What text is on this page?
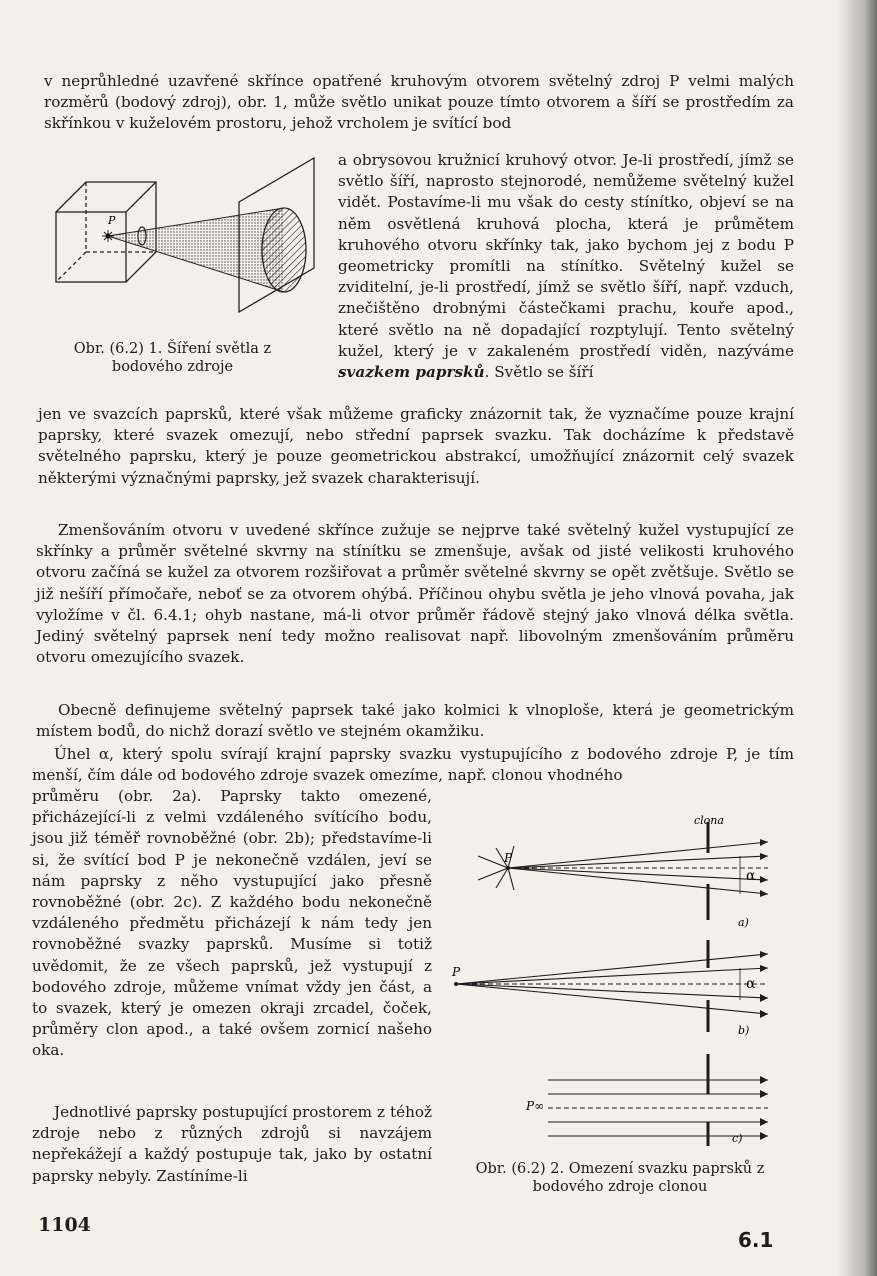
v neprůhledné uzavřené skřínce opatřené kruhovým otvorem světelný zdroj P velmi malých rozměrů (bodový zdroj), obr. 1, může světlo unikat pouze tímto otvorem a šíří se prostředím za skřínkou v kuželovém prostoru, jehož vrcholem je svítící bod

P
Obr. (6.2) 1. Šíření světla z bodového zdroje

a obrysovou kružnicí kruhový otvor. Je-li prostředí, jímž se světlo šíří, naprosto stejnorodé, nemůžeme světelný kužel vidět. Postavíme-li mu však do cesty stínítko, objeví se na něm osvětlená kruhová plocha, která je průmětem kruhového otvoru skřínky tak, jako bychom jej z bodu P geometricky promítli na stínítko. Světelný kužel se zviditelní, je-li prostředí, jímž se světlo šíří, např. vzduch, znečištěno drobnými částečkami prachu, kouře apod., které světlo na ně dopadající rozptylují. Tento světelný kužel, který je v zakaleném prostředí viděn, nazýváme svazkem paprsků. Světlo se šíří

jen ve svazcích paprsků, které však můžeme graficky znázornit tak, že vyznačíme pouze krajní paprsky, které svazek omezují, nebo střední paprsek svazku. Tak docházíme k představě světelného paprsku, který je pouze geometrickou abstrakcí, umožňující znázornit celý svazek některými význačnými paprsky, jež svazek charakterisují.

Zmenšováním otvoru v uvedené skřínce zužuje se nejprve také světelný kužel vystupující ze skřínky a průměr světelné skvrny na stínítku se zmenšuje, avšak od jisté velikosti kruhového otvoru začíná se kužel za otvorem rozšiřovat a průměr světelné skvrny se opět zvětšuje. Světlo se již nešíří přímočaře, neboť se za otvorem ohýbá. Příčinou ohybu světla je jeho vlnová povaha, jak vyložíme v čl. 6.4.1; ohyb nastane, má-li otvor průměr řádově stejný jako vlnová délka světla. Jediný světelný paprsek není tedy možno realisovat např. libovolným zmenšováním průměru otvoru omezujícího svazek.

Obecně definujeme světelný paprsek také jako kolmici k vlnoploše, která je geometrickým místem bodů, do nichž dorazí světlo ve stejném okamžiku.

Úhel α, který spolu svírají krajní paprsky svazku vystupujícího z bodového zdroje P, je tím menší, čím dále od bodového zdroje svazek omezíme, např. clonou vhodného

průměru (obr. 2a). Paprsky takto omezené, přicházející-li z velmi vzdáleného svítícího bodu, jsou již téměř rovnoběžné (obr. 2b); představíme-li si, že svítící bod P je nekonečně vzdálen, jeví se nám paprsky z něho vystupující jako přesně rovnoběžné (obr. 2c). Z každého bodu nekonečně vzdáleného předmětu přicházejí k nám tedy jen rovnoběžné svazky paprsků. Musíme si totiž uvědomit, že ze všech paprsků, jež vystupují z bodového zdroje, můžeme vnímat vždy jen část, a to svazek, který je omezen okraji zrcadel, čoček, průměry clon apod., a také ovšem zornicí našeho oka.

Jednotlivé paprsky postupující prostorem z téhož zdroje nebo z různých zdrojů si navzájem nepřekážejí a každý postupuje tak, jako by ostatní paprsky nebyly. Zastíníme-li

clona
P
α
a)
P
α
b)
P∞
c)
Obr. (6.2) 2. Omezení svazku paprsků z bodového zdroje clonou
1104
6.1
